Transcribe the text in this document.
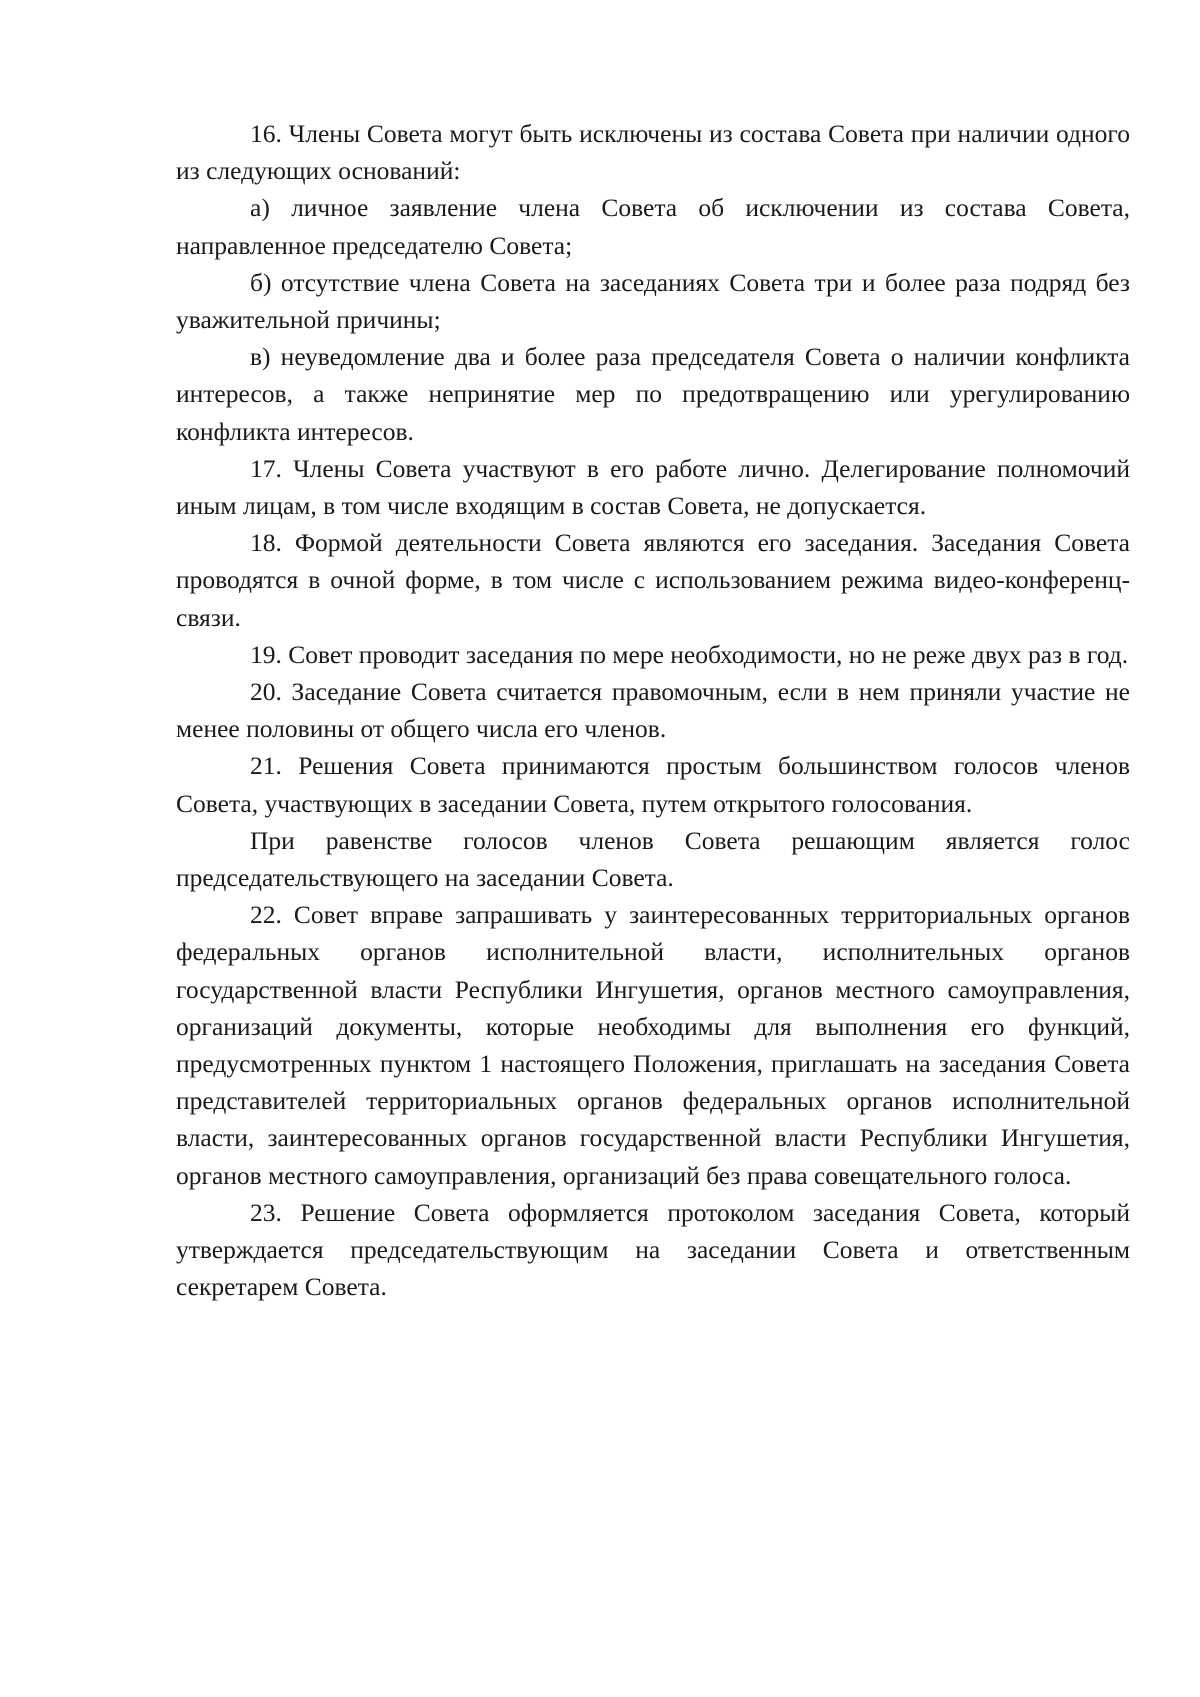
16. Члены Совета могут быть исключены из состава Совета при наличии одного из следующих оснований:

а) личное заявление члена Совета об исключении из состава Совета, направленное председателю Совета;

б) отсутствие члена Совета на заседаниях Совета три и более раза подряд без уважительной причины;

в) неуведомление два и более раза председателя Совета о наличии конфликта интересов, а также непринятие мер по предотвращению или урегулированию конфликта интересов.

17. Члены Совета участвуют в его работе лично. Делегирование полномочий иным лицам, в том числе входящим в состав Совета, не допускается.

18. Формой деятельности Совета являются его заседания. Заседания Совета проводятся в очной форме, в том числе с использованием режима видео-конференц-связи.

19. Совет проводит заседания по мере необходимости, но не реже двух раз в год.

20. Заседание Совета считается правомочным, если в нем приняли участие не менее половины от общего числа его членов.

21. Решения Совета принимаются простым большинством голосов членов Совета, участвующих в заседании Совета, путем открытого голосования.

При равенстве голосов членов Совета решающим является голос председательствующего на заседании Совета.

22. Совет вправе запрашивать у заинтересованных территориальных органов федеральных органов исполнительной власти, исполнительных органов государственной власти Республики Ингушетия, органов местного самоуправления, организаций документы, которые необходимы для выполнения его функций, предусмотренных пунктом 1 настоящего Положения, приглашать на заседания Совета представителей территориальных органов федеральных органов исполнительной власти, заинтересованных органов государственной власти Республики Ингушетия, органов местного самоуправления, организаций без права совещательного голоса.

23. Решение Совета оформляется протоколом заседания Совета, который утверждается председательствующим на заседании Совета и ответственным секретарем Совета.
